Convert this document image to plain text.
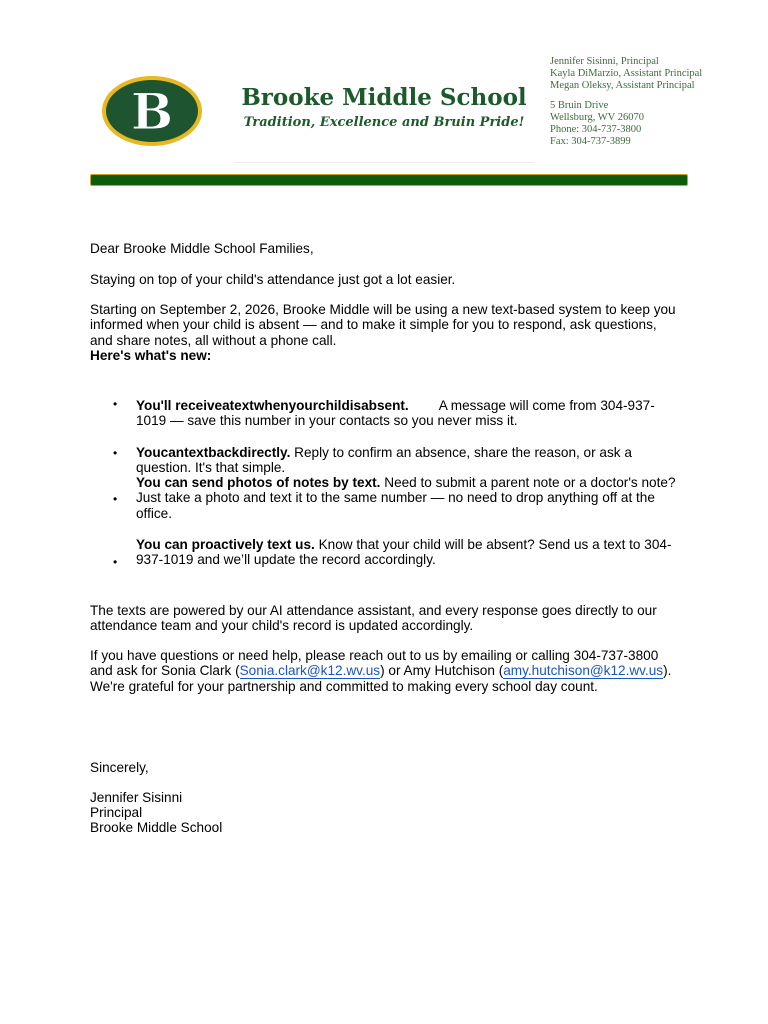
B	Brooke Middle School
Tradition, Excellence and Bruin Pride!
Jennifer Sisinni, Principal
Kayla DiMarzio, Assistant Principal
Megan Oleksy, Assistant Principal
5 Bruin Drive
Wellsburg, WV 26070
Phone: 304-737-3800
Fax: 304-737-3899

Dear Brooke Middle School Families,

Staying on top of your child's attendance just got a lot easier.

Starting on September 2, 2026, Brooke Middle will be using a new text-based system to keep you informed when your child is absent — and to make it simple for you to respond, ask questions, and share notes, all without a phone call.

Here's what's new:

• You'll receiveatextwhenyourchildisabsent. A message will come from 304-937-
1019 — save this number in your contacts so you never miss it.
• Youcantextbackdirectly. Reply to confirm an absence, share the reason, or ask a question. It's that simple.
•
You can send photos of notes by text. Need to submit a parent note or a doctor's note? Just take a photo and text it to the same number — no need to drop anything off at the office.
•
You can proactively text us. Know that your child will be absent? Send us a text to 304-937-1019 and we’ll update the record accordingly.

The texts are powered by our AI attendance assistant, and every response goes directly to our attendance team and your child's record is updated accordingly.

If you have questions or need help, please reach out to us by emailing or calling 304-737-3800 and ask for Sonia Clark (Sonia.clark@k12.wv.us) or Amy Hutchison (amy.hutchison@k12.wv.us). We're grateful for your partnership and committed to making every school day count.

Sincerely,

Jennifer Sisinni

Principal

Brooke Middle School
